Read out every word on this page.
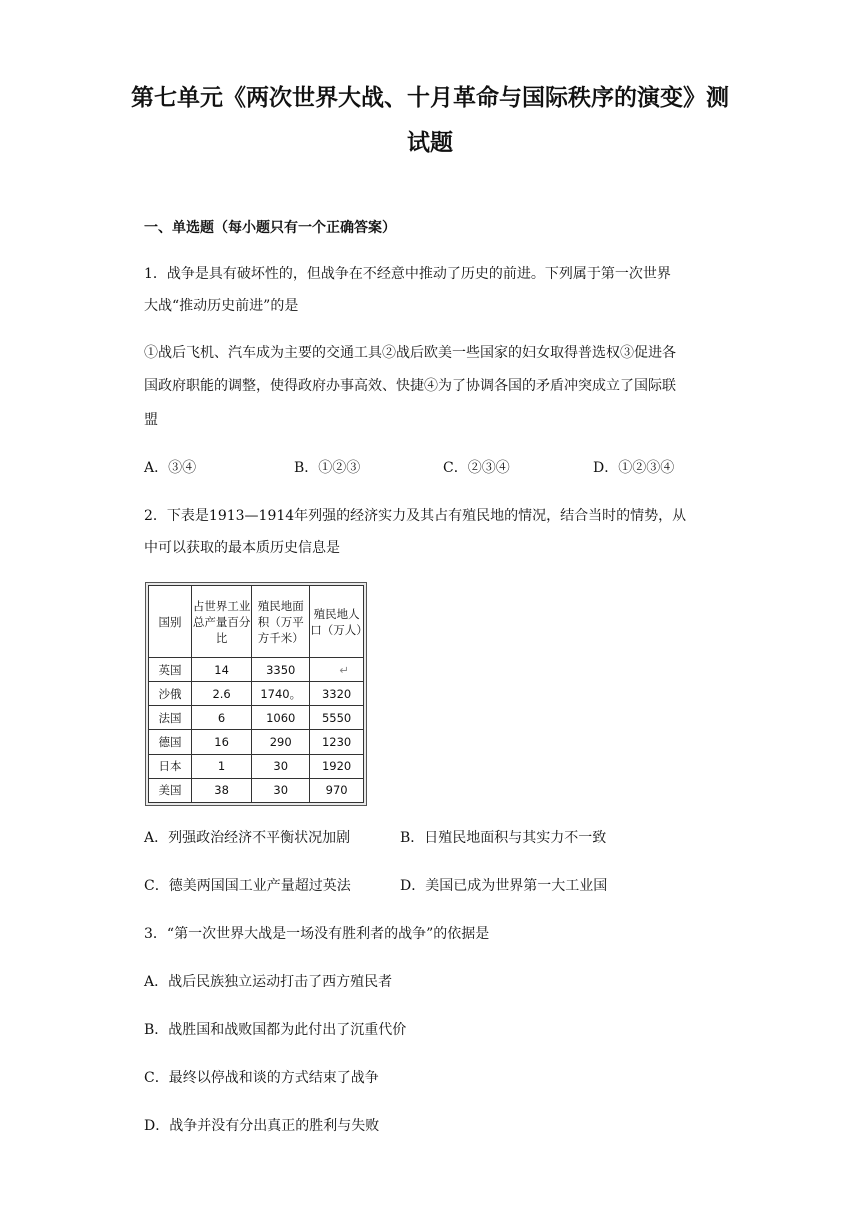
第七单元《两次世界大战、十月革命与国际秩序的演变》测
试题
一、单选题（每小题只有一个正确答案）
1．战争是具有破坏性的，但战争在不经意中推动了历史的前进。下列属于第一次世界
大战“推动历史前进”的是
①战后飞机、汽车成为主要的交通工具②战后欧美一些国家的妇女取得普选权③促进各
国政府职能的调整，使得政府办事高效、快捷④为了协调各国的矛盾冲突成立了国际联
盟
A．③④	B．①②③	C．②③④	D．①②③④
2．下表是1913—1914年列强的经济实力及其占有殖民地的情况，结合当时的情势，从
中可以获取的最本质历史信息是
国别	占世界工业总产量百分比	殖民地面积（万平方千米）	殖民地人口（万人）
英国	14	3350	↵
沙俄	2.6	1740。	3320
法国	6	1060	5550
德国	16	290	1230
日本	1	30	1920
美国	38	30	970
A．列强政治经济不平衡状况加剧	B．日殖民地面积与其实力不一致
C．德美两国国工业产量超过英法	D．美国已成为世界第一大工业国
3．“第一次世界大战是一场没有胜利者的战争”的依据是
A．战后民族独立运动打击了西方殖民者
B．战胜国和战败国都为此付出了沉重代价
C．最终以停战和谈的方式结束了战争
D．战争并没有分出真正的胜利与失败
